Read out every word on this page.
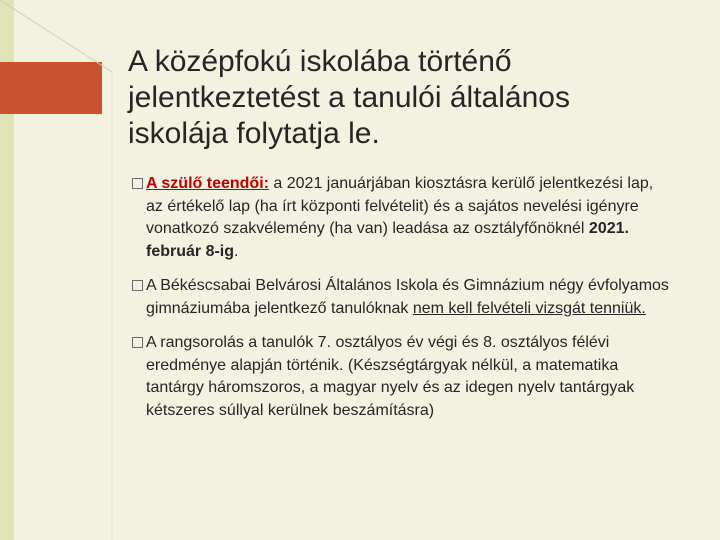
A középfokú iskolába történő jelentkeztetést a tanulói általános iskolája folytatja le.
A szülő teendői: a 2021 januárjában kiosztásra kerülő jelentkezési lap, az értékelő lap (ha írt központi felvételit) és a sajátos nevelési igényre vonatkozó szakvélemény (ha van) leadása az osztályfőnöknél 2021. február 8-ig.
A Békéscsabai Belvárosi Általános Iskola és Gimnázium négy évfolyamos gimnáziumába jelentkező tanulóknak nem kell felvételi vizsgát tenniük.
A rangsorolás a tanulók 7. osztályos év végi és 8. osztályos félévi eredménye alapján történik. (Készségtárgyak nélkül, a matematika tantárgy háromszoros, a magyar nyelv és az idegen nyelv tantárgyak kétszeres súllyal kerülnek beszámításra)
